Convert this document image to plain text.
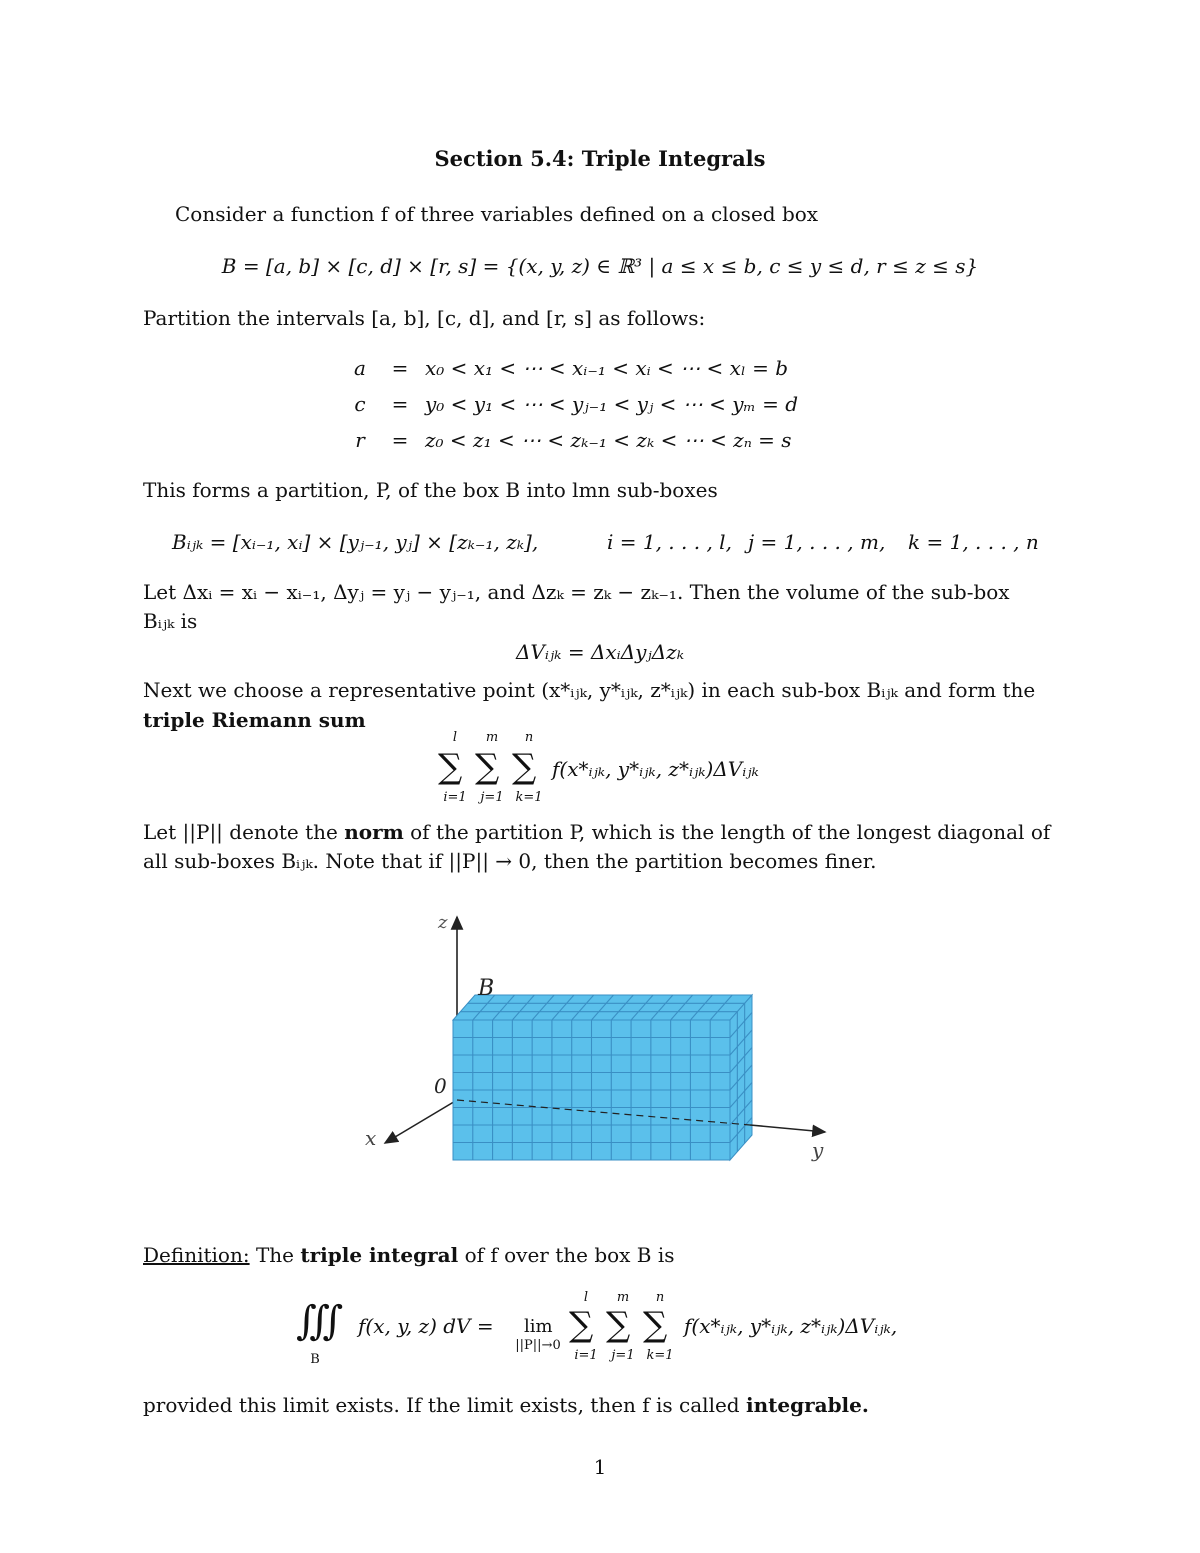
Section 5.4: Triple Integrals
Consider a function f of three variables defined on a closed box
B = [a, b] × [c, d] × [r, s] = {(x, y, z) ∈ ℝ³ | a ≤ x ≤ b, c ≤ y ≤ d, r ≤ z ≤ s}
Partition the intervals [a, b], [c, d], and [r, s] as follows:
a	= x₀ < x₁ < ⋯ < xᵢ₋₁ < xᵢ < ⋯ < xₗ = b
c	= y₀ < y₁ < ⋯ < yⱼ₋₁ < yⱼ < ⋯ < yₘ = d
r	= z₀ < z₁ < ⋯ < zₖ₋₁ < zₖ < ⋯ < zₙ = s
This forms a partition, P, of the box B into lmn sub-boxes
Bᵢⱼₖ = [xᵢ₋₁, xᵢ] × [yⱼ₋₁, yⱼ] × [zₖ₋₁, zₖ],	i = 1, . . . , l, j = 1, . . . , m, k = 1, . . . , n
Let Δxᵢ = xᵢ − xᵢ₋₁, Δyⱼ = yⱼ − yⱼ₋₁, and Δzₖ = zₖ − zₖ₋₁. Then the volume of the sub-box
Bᵢⱼₖ is
ΔVᵢⱼₖ = ΔxᵢΔyⱼΔzₖ
Next we choose a representative point (x*ᵢⱼₖ, y*ᵢⱼₖ, z*ᵢⱼₖ) in each sub-box Bᵢⱼₖ and form the
triple Riemann sum
l	m	n
∑ ∑ ∑
i=1	j=1 k=1
f(x*ᵢⱼₖ, y*ᵢⱼₖ, z*ᵢⱼₖ)ΔVᵢⱼₖ
Let ||P|| denote the norm of the partition P, which is the length of the longest diagonal of
all sub-boxes Bᵢⱼₖ. Note that if ||P|| → 0, then the partition becomes finer.
z
x	y
0
B
Definition: The triple integral of f over the box B is
∭
B
f(x, y, z) dV = lim
||P||→0
l	m	n
∑ ∑ ∑
i=1	j=1 k=1
f(x*ᵢⱼₖ, y*ᵢⱼₖ, z*ᵢⱼₖ)ΔVᵢⱼₖ,
provided this limit exists. If the limit exists, then f is called integrable.
1
